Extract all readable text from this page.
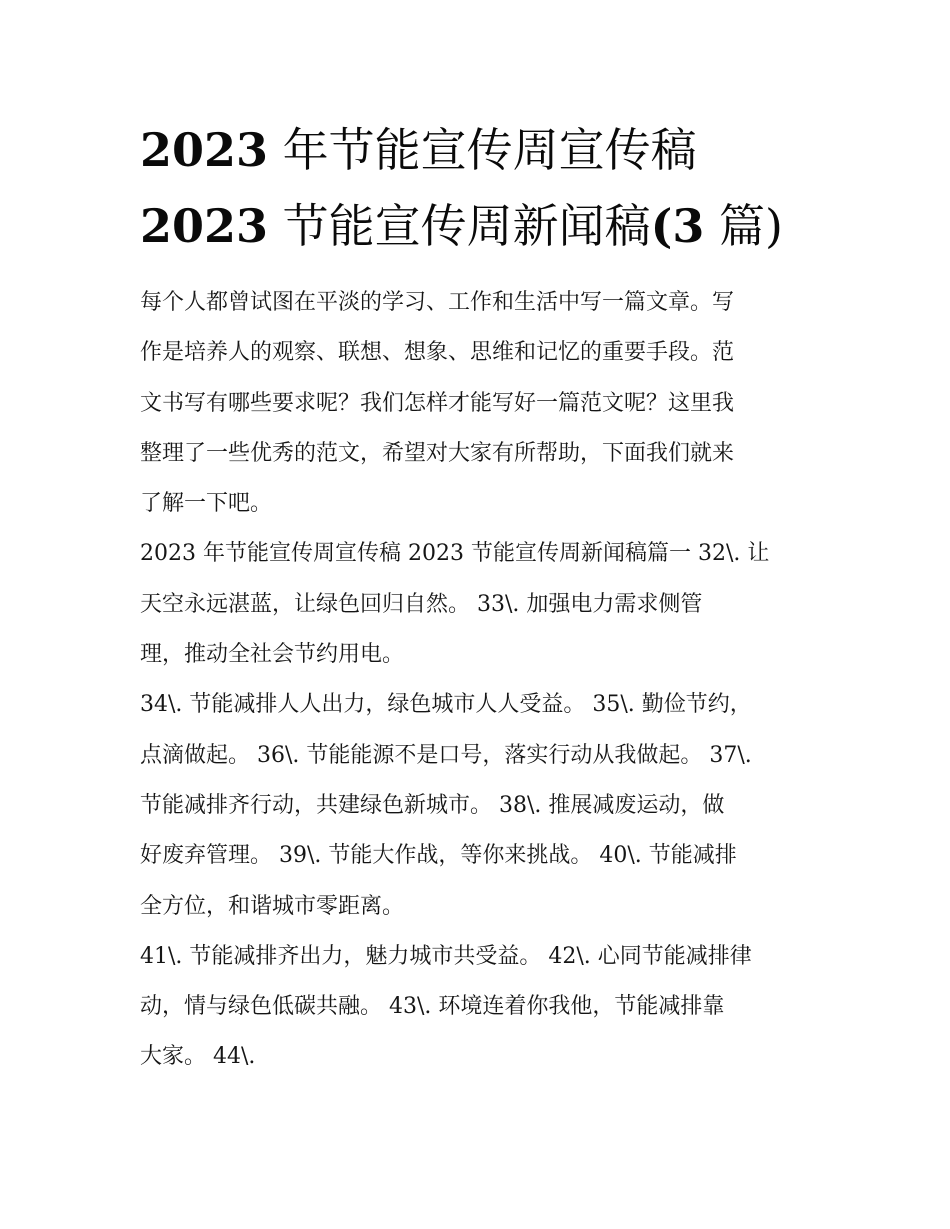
2023 年节能宣传周宣传稿
2023 节能宣传周新闻稿(3 篇)

每个人都曾试图在平淡的学习、工作和生活中写一篇文章。写
作是培养人的观察、联想、想象、思维和记忆的重要手段。范
文书写有哪些要求呢？我们怎样才能写好一篇范文呢？这里我
整理了一些优秀的范文，希望对大家有所帮助，下面我们就来
了解一下吧。

2023 年节能宣传周宣传稿 2023 节能宣传周新闻稿篇一 32\. 让
天空永远湛蓝，让绿色回归自然。 33\. 加强电力需求侧管
理，推动全社会节约用电。

34\. 节能减排人人出力，绿色城市人人受益。 35\. 勤俭节约，
点滴做起。 36\. 节能能源不是口号，落实行动从我做起。 37\.
节能减排齐行动，共建绿色新城市。 38\. 推展减废运动，做
好废弃管理。 39\. 节能大作战，等你来挑战。 40\. 节能减排
全方位，和谐城市零距离。

41\. 节能减排齐出力，魅力城市共受益。 42\. 心同节能减排律
动，情与绿色低碳共融。 43\. 环境连着你我他，节能减排靠
大家。 44\.
